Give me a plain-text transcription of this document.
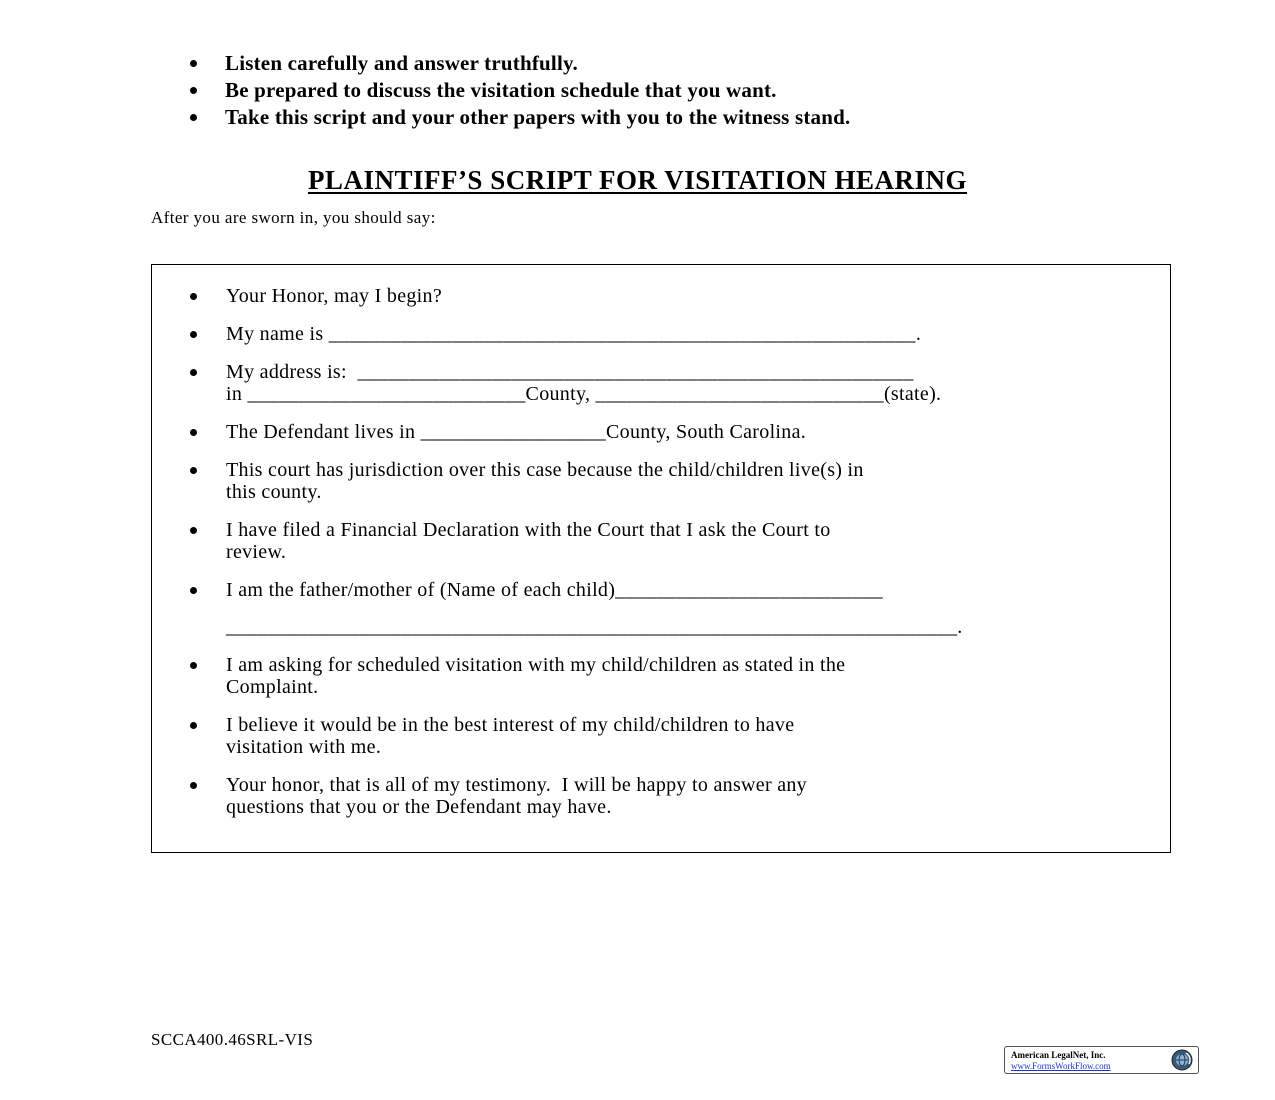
Listen carefully and answer truthfully.
Be prepared to discuss the visitation schedule that you want.
Take this script and your other papers with you to the witness stand.
PLAINTIFF’S SCRIPT FOR VISITATION HEARING
After you are sworn in, you should say:
Your Honor, may I begin?
My name is _________________________________________________________.
My address is:  ______________________________________________________
in ___________________________County, ____________________________(state).
The Defendant lives in __________________County, South Carolina.
This court has jurisdiction over this case because the child/children live(s) in
this county.
I have filed a Financial Declaration with the Court that I ask the Court to
review.
I am the father/mother of (Name of each child)__________________________
_______________________________________________________________________.
I am asking for scheduled visitation with my child/children as stated in the
Complaint.
I believe it would be in the best interest of my child/children to have
visitation with me.
Your honor, that is all of my testimony.  I will be happy to answer any
questions that you or the Defendant may have.
SCCA400.46SRL-VIS
American LegalNet, Inc.
www.FormsWorkFlow.com
